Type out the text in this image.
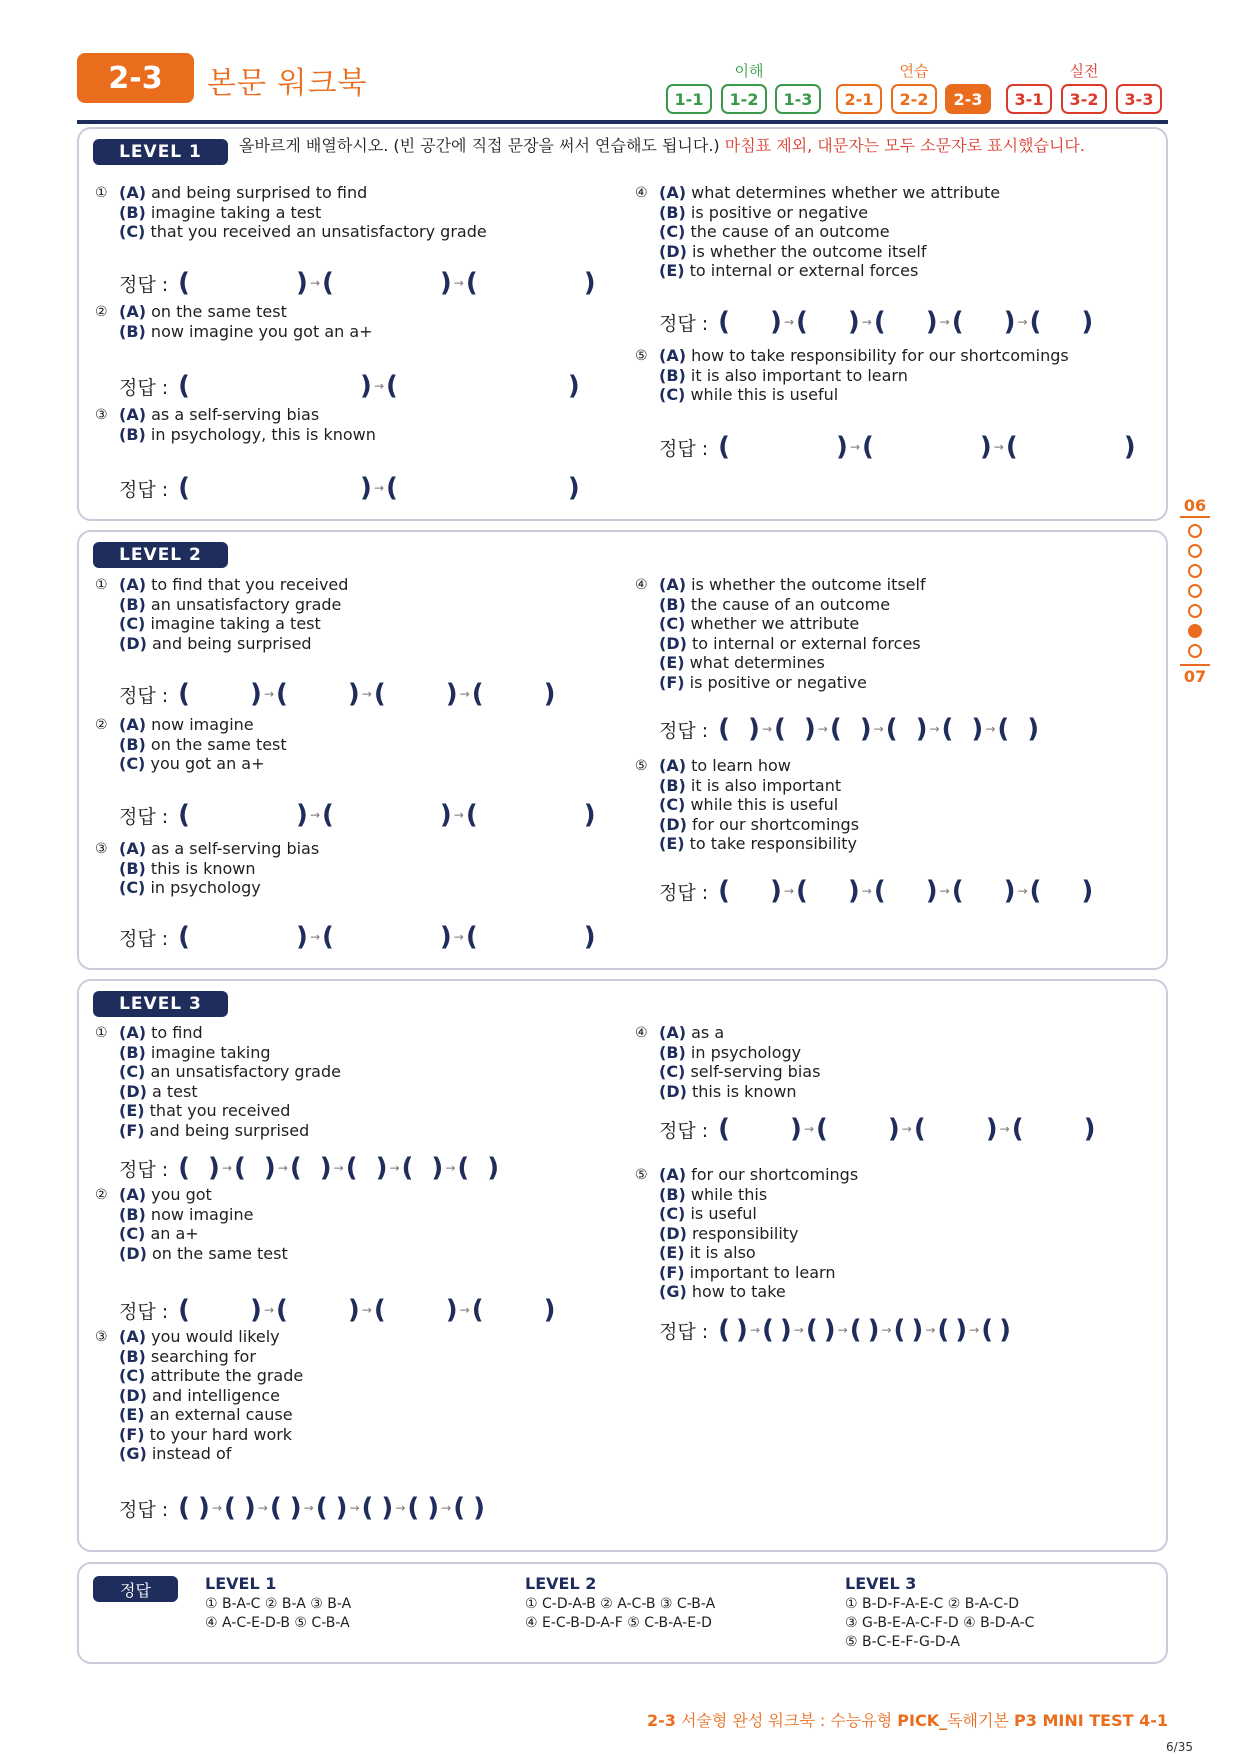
2-3	본문 워크북	이해	연습	실전
1-1	1-2	1-3	2-1	2-2	2-3	3-1	3-2	3-3
LEVEL 1	올바르게 배열하시오. (빈 공간에 직접 문장을 써서 연습해도 됩니다.) 마침표 제외, 대문자는 모두 소문자로 표시했습니다.
① (A) and being surprised to find
(B) imagine taking a test
(C) that you received an unsatisfactory grade
정답 : (	) → (	) → (	)
② (A) on the same test
(B) now imagine you got an a+
정답 : (	) → (	)
③ (A) as a self-serving bias
(B) in psychology, this is known
정답 : (	) → (	)
④ (A) what determines whether we attribute
(B) is positive or negative
(C) the cause of an outcome
(D) is whether the outcome itself
(E) to internal or external forces
정답 : ( ) → ( ) → ( ) → ( ) → ( )
⑤ (A) how to take responsibility for our shortcomings
(B) it is also important to learn
(C) while this is useful
정답 : (	) → (	) → (	)
LEVEL 2
① (A) to find that you received
(B) an unsatisfactory grade
(C) imagine taking a test
(D) and being surprised
정답 : ( ) → ( ) → ( ) → ( )
② (A) now imagine
(B) on the same test
(C) you got an a+
정답 : (	) → (	) → (	)
③ (A) as a self-serving bias
(B) this is known
(C) in psychology
정답 : (	) → (	) → (	)
④ (A) is whether the outcome itself
(B) the cause of an outcome
(C) whether we attribute
(D) to internal or external forces
(E) what determines
(F) is positive or negative
정답 : ( ) → ( ) → ( ) → ( ) → ( ) → ( )
⑤ (A) to learn how
(B) it is also important
(C) while this is useful
(D) for our shortcomings
(E) to take responsibility
정답 : ( ) → ( ) → ( ) → ( ) → ( )
LEVEL 3
① (A) to find
(B) imagine taking
(C) an unsatisfactory grade
(D) a test
(E) that you received
(F) and being surprised
정답 : ( ) → ( ) → ( ) → ( ) → ( ) → ( )
② (A) you got
(B) now imagine
(C) an a+
(D) on the same test
정답 : ( ) → ( ) → ( ) → ( )
③ (A) you would likely
(B) searching for
(C) attribute the grade
(D) and intelligence
(E) an external cause
(F) to your hard work
(G) instead of
정답 : ( ) → ( ) → ( ) → ( ) → ( ) → ( ) → ( )
④ (A) as a
(B) in psychology
(C) self-serving bias
(D) this is known
정답 : ( ) → ( ) → ( ) → ( )
⑤ (A) for our shortcomings
(B) while this
(C) is useful
(D) responsibility
(E) it is also
(F) important to learn
(G) how to take
정답 : ( ) → ( ) → ( ) → ( ) → ( ) → ( ) → ( )
정답	LEVEL 1
① B-A-C ② B-A ③ B-A
④ A-C-E-D-B ⑤ C-B-A
LEVEL 2
① C-D-A-B ② A-C-B ③ C-B-A
④ E-C-B-D-A-F ⑤ C-B-A-E-D
LEVEL 3
① B-D-F-A-E-C ② B-A-C-D
③ G-B-E-A-C-F-D ④ B-D-A-C
⑤ B-C-E-F-G-D-A
06
07
2-3 서술형 완성 워크북 : 수능유형 PICK_독해기본 P3 MINI TEST 4-1
6/35
